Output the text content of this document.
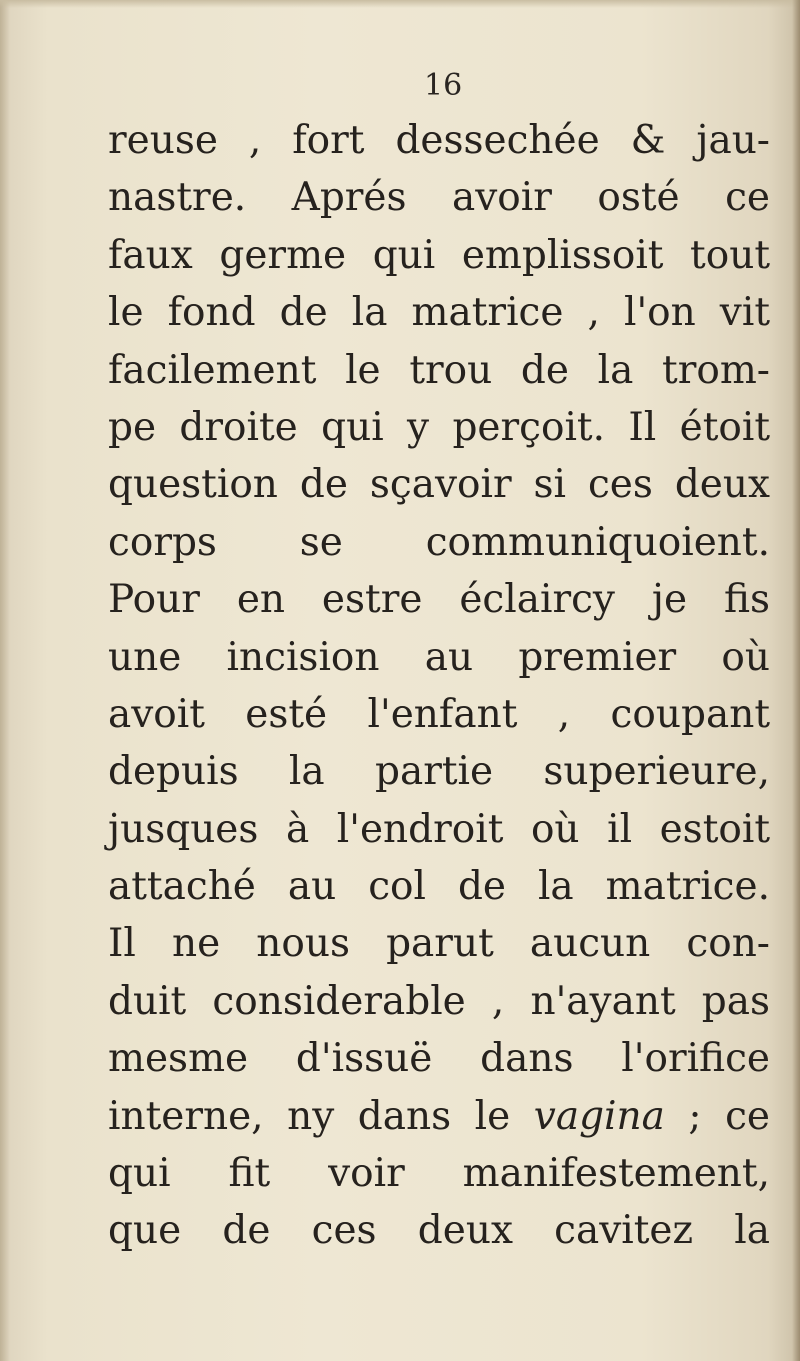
16
reuse , fort dessechée & jau-
nastre. Aprés avoir osté ce
faux germe qui emplissoit tout
le fond de la matrice , l'on vit
facilement le trou de la trom-
pe droite qui y perçoit. Il étoit
question de sçavoir si ces deux
corps se communiquoient.
Pour en estre éclaircy je fis
une incision au premier où
avoit esté l'enfant , coupant
depuis la partie superieure,
jusques à l'endroit où il estoit
attaché au col de la matrice.
Il ne nous parut aucun con-
duit considerable , n'ayant pas
mesme d'issuë dans l'orifice
interne, ny dans le vagina ; ce
qui fit voir manifestement,
que de ces deux cavitez la
